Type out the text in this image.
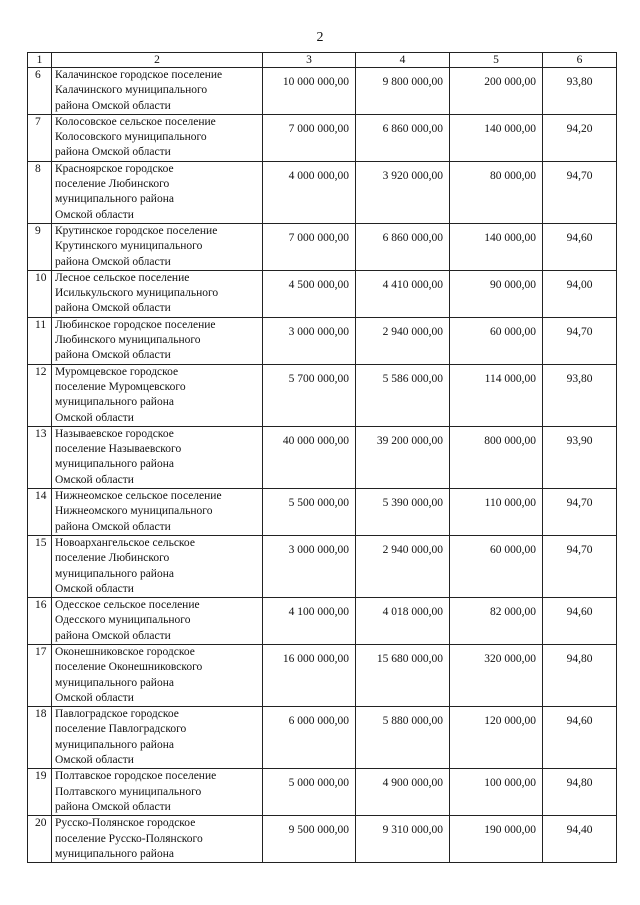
2
1	2	3	4	5	6
6	Калачинское городское поселение
Калачинского муниципального
района Омской области	10 000 000,00	9 800 000,00	200 000,00	93,80
7	Колосовское сельское поселение
Колосовского муниципального
района Омской области	7 000 000,00	6 860 000,00	140 000,00	94,20
8	Красноярское городское
поселение Любинского
муниципального района
Омской области	4 000 000,00	3 920 000,00	80 000,00	94,70
9	Крутинское городское поселение
Крутинского муниципального
района Омской области	7 000 000,00	6 860 000,00	140 000,00	94,60
10	Лесное сельское поселение
Исилькульского муниципального
района Омской области	4 500 000,00	4 410 000,00	90 000,00	94,00
11	Любинское городское поселение
Любинского муниципального
района Омской области	3 000 000,00	2 940 000,00	60 000,00	94,70
12	Муромцевское городское
поселение Муромцевского
муниципального района
Омской области	5 700 000,00	5 586 000,00	114 000,00	93,80
13	Называевское городское
поселение Называевского
муниципального района
Омской области	40 000 000,00	39 200 000,00	800 000,00	93,90
14	Нижнеомское сельское поселение
Нижнеомского муниципального
района Омской области	5 500 000,00	5 390 000,00	110 000,00	94,70
15	Новоархангельское сельское
поселение Любинского
муниципального района
Омской области	3 000 000,00	2 940 000,00	60 000,00	94,70
16	Одесское сельское поселение
Одесского муниципального
района Омской области	4 100 000,00	4 018 000,00	82 000,00	94,60
17	Оконешниковское городское
поселение Оконешниковского
муниципального района
Омской области	16 000 000,00	15 680 000,00	320 000,00	94,80
18	Павлоградское городское
поселение Павлоградского
муниципального района
Омской области	6 000 000,00	5 880 000,00	120 000,00	94,60
19	Полтавское городское поселение
Полтавского муниципального
района Омской области	5 000 000,00	4 900 000,00	100 000,00	94,80
20	Русско-Полянское городское
поселение Русско-Полянского
муниципального района	9 500 000,00	9 310 000,00	190 000,00	94,40
